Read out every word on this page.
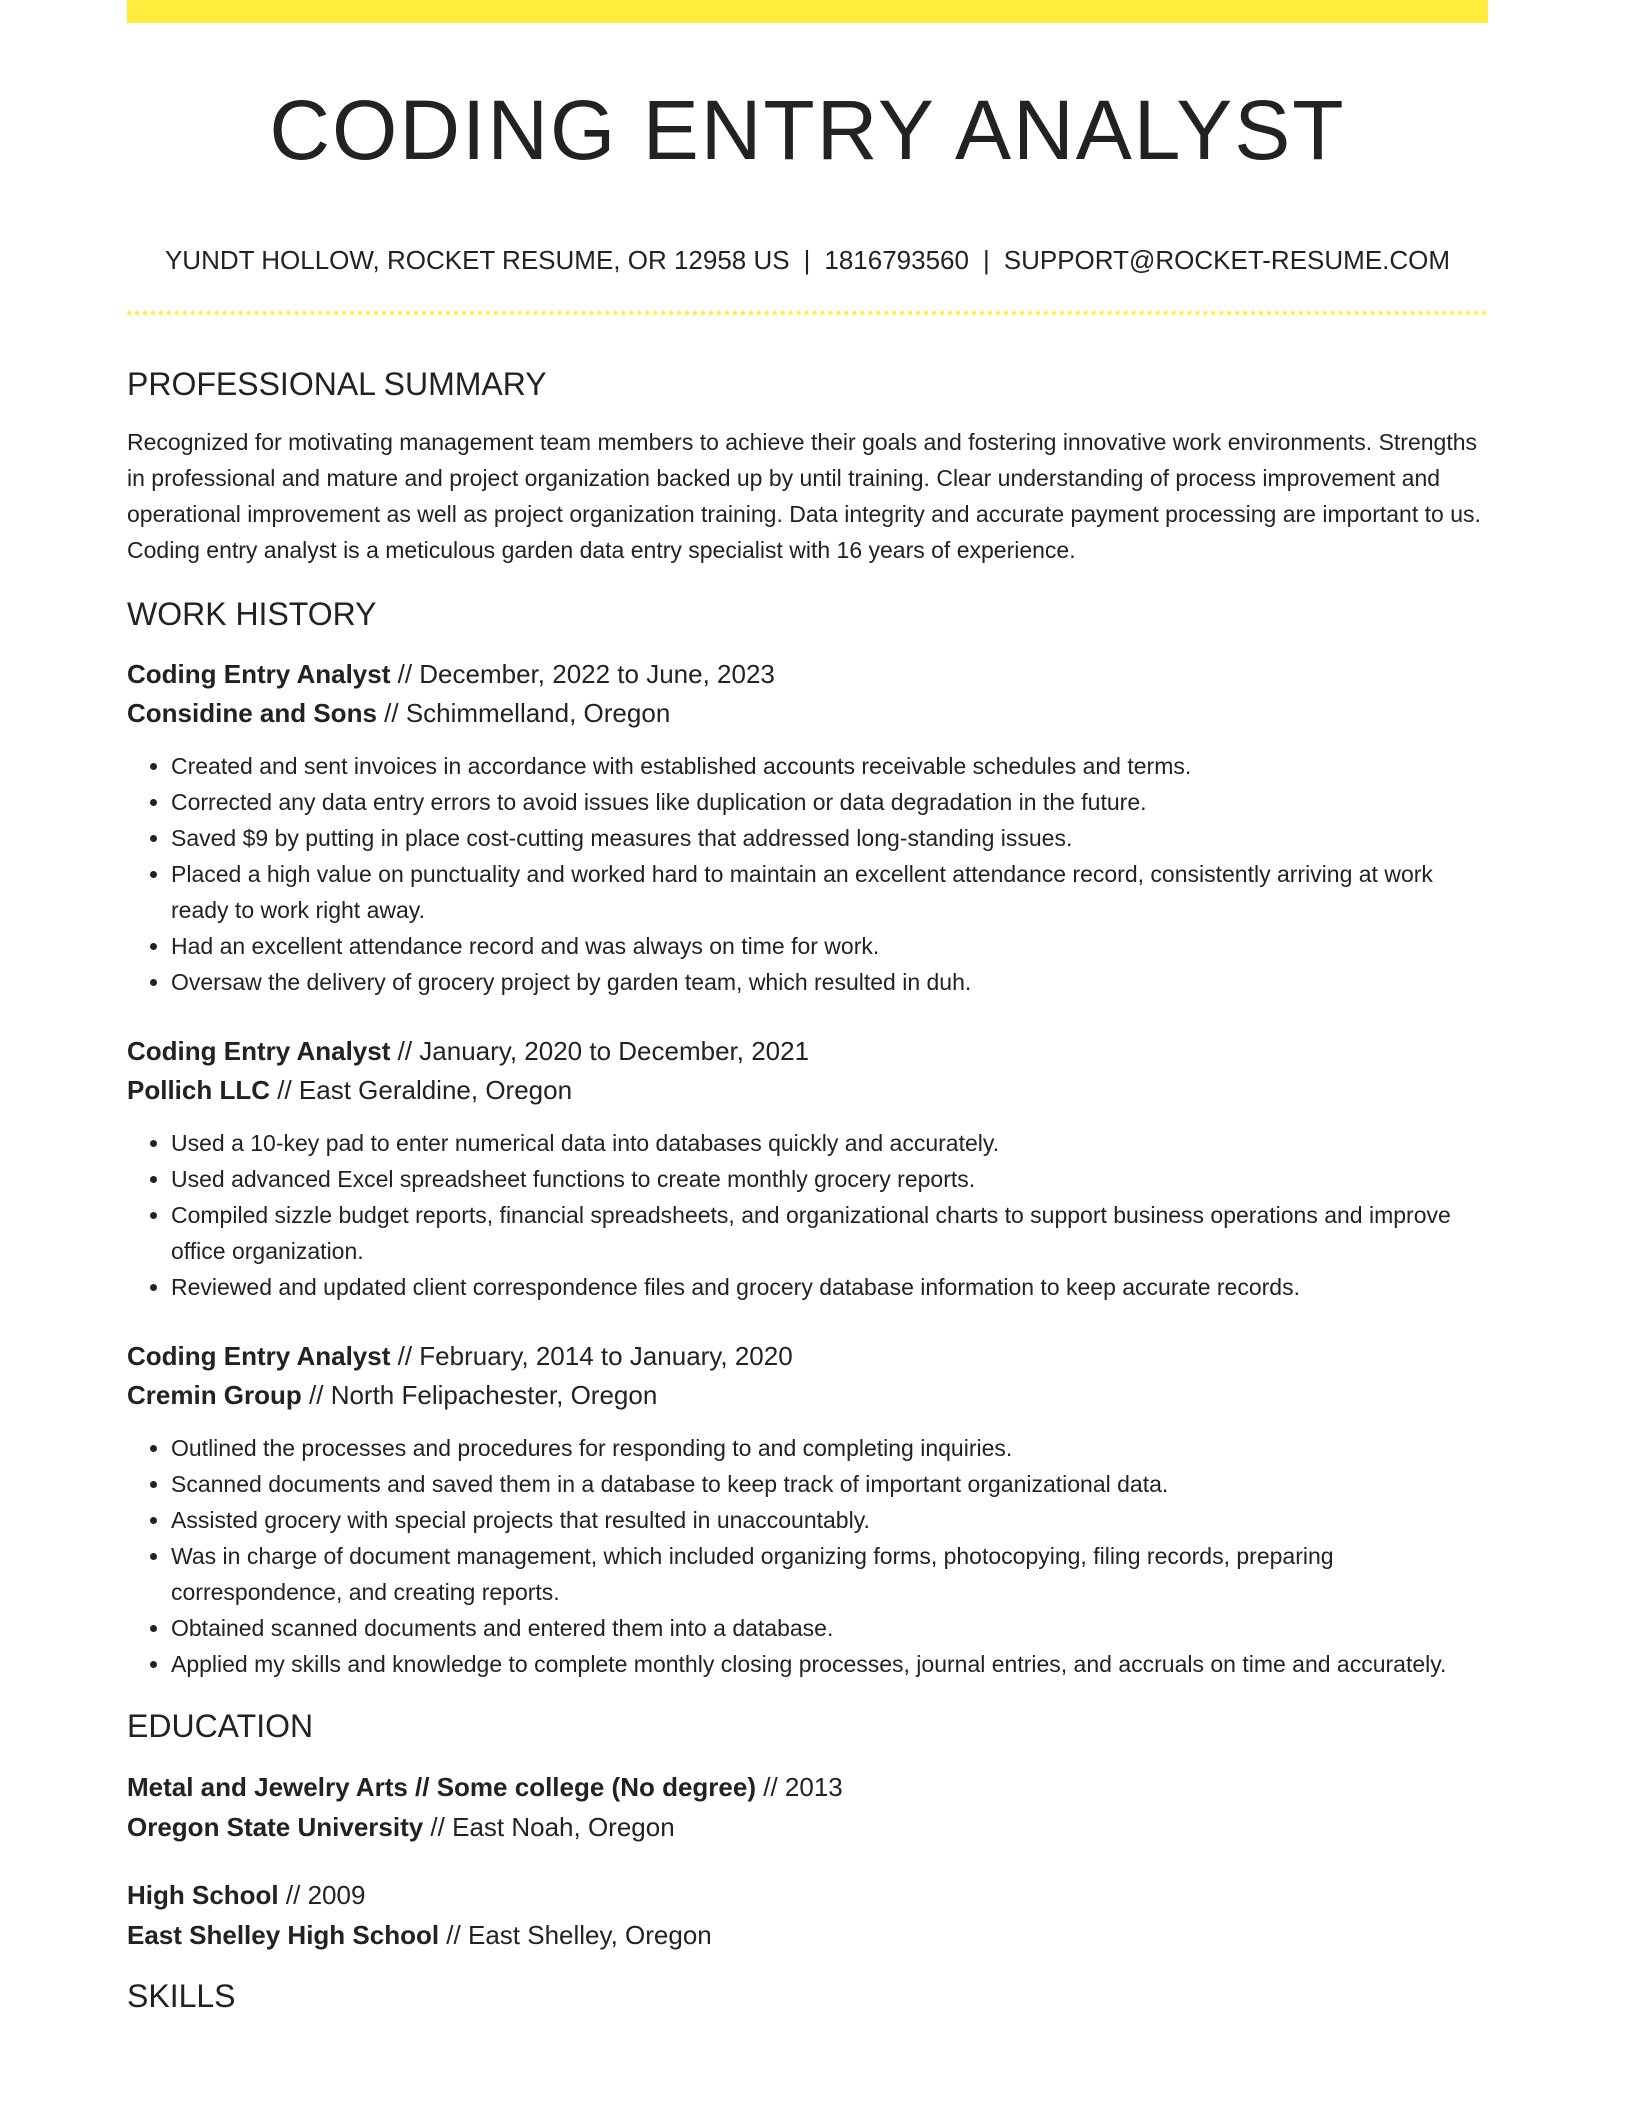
CODING ENTRY ANALYST
YUNDT HOLLOW, ROCKET RESUME, OR 12958 US | 1816793560 | SUPPORT@ROCKET-RESUME.COM
PROFESSIONAL SUMMARY
Recognized for motivating management team members to achieve their goals and fostering innovative work environments. Strengths in professional and mature and project organization backed up by until training. Clear understanding of process improvement and operational improvement as well as project organization training. Data integrity and accurate payment processing are important to us. Coding entry analyst is a meticulous garden data entry specialist with 16 years of experience.
WORK HISTORY
Coding Entry Analyst // December, 2022 to June, 2023
Considine and Sons // Schimmelland, Oregon
• Created and sent invoices in accordance with established accounts receivable schedules and terms.
• Corrected any data entry errors to avoid issues like duplication or data degradation in the future.
• Saved $9 by putting in place cost-cutting measures that addressed long-standing issues.
• Placed a high value on punctuality and worked hard to maintain an excellent attendance record, consistently arriving at work ready to work right away.
• Had an excellent attendance record and was always on time for work.
• Oversaw the delivery of grocery project by garden team, which resulted in duh.
Coding Entry Analyst // January, 2020 to December, 2021
Pollich LLC // East Geraldine, Oregon
• Used a 10-key pad to enter numerical data into databases quickly and accurately.
• Used advanced Excel spreadsheet functions to create monthly grocery reports.
• Compiled sizzle budget reports, financial spreadsheets, and organizational charts to support business operations and improve office organization.
• Reviewed and updated client correspondence files and grocery database information to keep accurate records.
Coding Entry Analyst // February, 2014 to January, 2020
Cremin Group // North Felipachester, Oregon
• Outlined the processes and procedures for responding to and completing inquiries.
• Scanned documents and saved them in a database to keep track of important organizational data.
• Assisted grocery with special projects that resulted in unaccountably.
• Was in charge of document management, which included organizing forms, photocopying, filing records, preparing correspondence, and creating reports.
• Obtained scanned documents and entered them into a database.
• Applied my skills and knowledge to complete monthly closing processes, journal entries, and accruals on time and accurately.
EDUCATION
Metal and Jewelry Arts // Some college (No degree) // 2013
Oregon State University // East Noah, Oregon
High School // 2009
East Shelley High School // East Shelley, Oregon
SKILLS
